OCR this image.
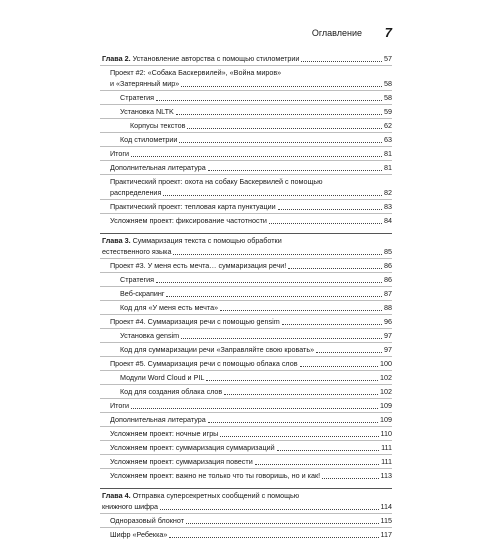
Оглавление 7
Глава 2. Установление авторства с помощью стилометрии	57
Проект #2: «Собака Баскервилей», «Война миров»
и «Затерянный мир»	58
Стратегия	58
Установка NLTK	59
Корпусы текстов	62
Код стилометрии	63
Итоги	81
Дополнительная литература	81
Практический проект: охота на собаку Баскервилей с помощью
распределения	82
Практический проект: тепловая карта пунктуации	83
Усложняем проект: фиксирование частотности	84
Глава 3. Суммаризация текста с помощью обработки
естественного языка	85
Проект #3. У меня есть мечта… суммаризация речи!	86
Стратегия	86
Веб-скрапинг	87
Код для «У меня есть мечта»	88
Проект #4. Суммаризация речи с помощью gensim	96
Установка gensim	97
Код для суммаризации речи «Заправляйте свою кровать»	97
Проект #5. Суммаризация речи с помощью облака слов	100
Модули Word Cloud и PIL	102
Код для создания облака слов	102
Итоги	109
Дополнительная литература	109
Усложняем проект: ночные игры	110
Усложняем проект: суммаризация суммаризаций	111
Усложняем проект: суммаризация повести	111
Усложняем проект: важно не только что ты говоришь, но и как!	113
Глава 4. Отправка суперсекретных сообщений с помощью
книжного шифра	114
Одноразовый блокнот	115
Шифр «Ребекка»	117
